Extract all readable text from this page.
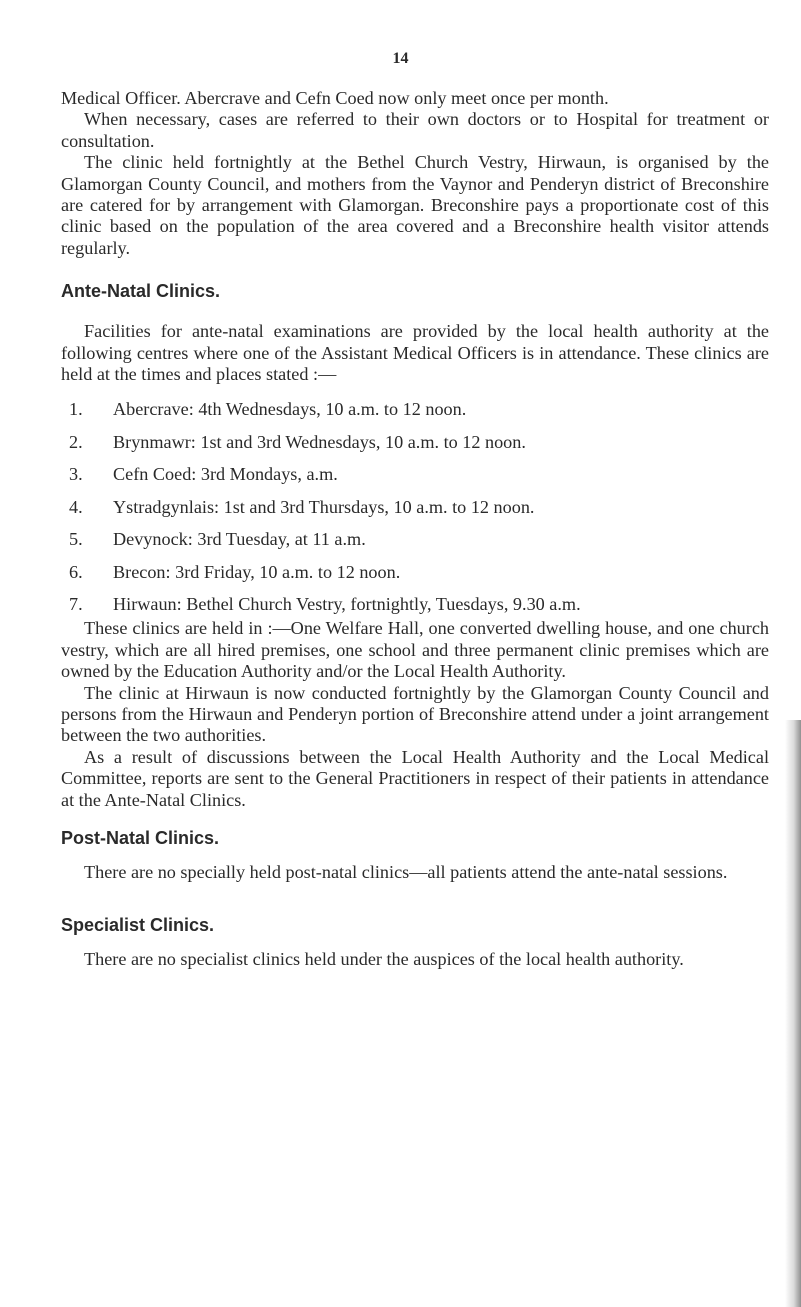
14

Medical Officer. Abercrave and Cefn Coed now only meet once per month.

When necessary, cases are referred to their own doctors or to Hospital for treatment or consultation.

The clinic held fortnightly at the Bethel Church Vestry, Hirwaun, is organised by the Glamorgan County Council, and mothers from the Vaynor and Penderyn district of Breconshire are catered for by arrangement with Glamorgan. Breconshire pays a proportionate cost of this clinic based on the population of the area covered and a Breconshire health visitor attends regularly.

Ante-Natal Clinics.

Facilities for ante-natal examinations are provided by the local health authority at the following centres where one of the Assistant Medical Officers is in attendance. These clinics are held at the times and places stated :—

1. Abercrave: 4th Wednesdays, 10 a.m. to 12 noon.
2. Brynmawr: 1st and 3rd Wednesdays, 10 a.m. to 12 noon.
3. Cefn Coed: 3rd Mondays, a.m.
4. Ystradgynlais: 1st and 3rd Thursdays, 10 a.m. to 12 noon.
5. Devynock: 3rd Tuesday, at 11 a.m.
6. Brecon: 3rd Friday, 10 a.m. to 12 noon.
7. Hirwaun: Bethel Church Vestry, fortnightly, Tuesdays, 9.30 a.m.

These clinics are held in :—One Welfare Hall, one converted dwelling house, and one church vestry, which are all hired premises, one school and three permanent clinic premises which are owned by the Education Authority and/or the Local Health Authority.

The clinic at Hirwaun is now conducted fortnightly by the Glamorgan County Council and persons from the Hirwaun and Penderyn portion of Breconshire attend under a joint arrangement between the two authorities.

As a result of discussions between the Local Health Authority and the Local Medical Committee, reports are sent to the General Practitioners in respect of their patients in attendance at the Ante-Natal Clinics.

Post-Natal Clinics.

There are no specially held post-natal clinics—all patients attend the ante-natal sessions.

Specialist Clinics.

There are no specialist clinics held under the auspices of the local health authority.
